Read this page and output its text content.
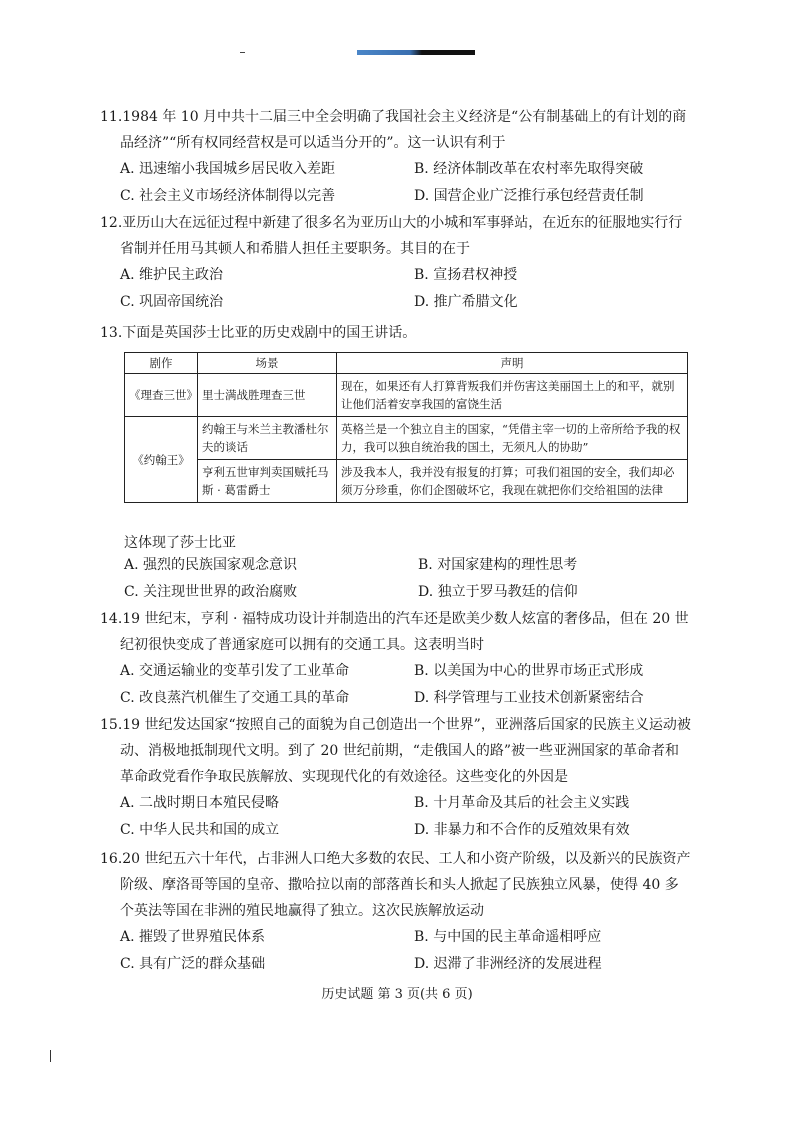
11.1984 年 10 月中共十二届三中全会明确了我国社会主义经济是“公有制基础上的有计划的商品经济”“所有权同经营权是可以适当分开的”。这一认识有利于

A. 迅速缩小我国城乡居民收入差距	B. 经济体制改革在农村率先取得突破
C. 社会主义市场经济体制得以完善	D. 国营企业广泛推行承包经营责任制

12.亚历山大在远征过程中新建了很多名为亚历山大的小城和军事驿站，在近东的征服地实行行省制并任用马其顿人和希腊人担任主要职务。其目的在于

A. 维护民主政治	B. 宣扬君权神授
C. 巩固帝国统治	D. 推广希腊文化

13.下面是英国莎士比亚的历史戏剧中的国王讲话。

剧作	场景	声明
《理查三世》	里士满战胜理查三世	现在，如果还有人打算背叛我们并伤害这美丽国土上的和平，就别让他们活着安享我国的富饶生活
《约翰王》	约翰王与米兰主教潘杜尔夫的谈话	英格兰是一个独立自主的国家，“凭借主宰一切的上帝所给予我的权力，我可以独自统治我的国土，无须凡人的协助”
	亨利五世审判卖国贼托马斯 · 葛雷爵士	涉及我本人，我并没有报复的打算；可我们祖国的安全，我们却必须万分珍重，你们企图破坏它，我现在就把你们交给祖国的法律
这体现了莎士比亚
A. 强烈的民族国家观念意识	B. 对国家建构的理性思考
C. 关注现世世界的政治腐败	D. 独立于罗马教廷的信仰

14.19 世纪末，亨利 · 福特成功设计并制造出的汽车还是欧美少数人炫富的奢侈品，但在 20 世纪初很快变成了普通家庭可以拥有的交通工具。这表明当时

A. 交通运输业的变革引发了工业革命	B. 以美国为中心的世界市场正式形成
C. 改良蒸汽机催生了交通工具的革命	D. 科学管理与工业技术创新紧密结合

15.19 世纪发达国家“按照自己的面貌为自己创造出一个世界”，亚洲落后国家的民族主义运动被动、消极地抵制现代文明。到了 20 世纪前期，“走俄国人的路”被一些亚洲国家的革命者和革命政党看作争取民族解放、实现现代化的有效途径。这些变化的外因是

A. 二战时期日本殖民侵略	B. 十月革命及其后的社会主义实践
C. 中华人民共和国的成立	D. 非暴力和不合作的反殖效果有效

16.20 世纪五六十年代，占非洲人口绝大多数的农民、工人和小资产阶级，以及新兴的民族资产阶级、摩洛哥等国的皇帝、撒哈拉以南的部落酋长和头人掀起了民族独立风暴，使得 40 多个英法等国在非洲的殖民地赢得了独立。这次民族解放运动

A. 摧毁了世界殖民体系	B. 与中国的民主革命遥相呼应
C. 具有广泛的群众基础	D. 迟滞了非洲经济的发展进程
历史试题 第 3 页(共 6 页)
